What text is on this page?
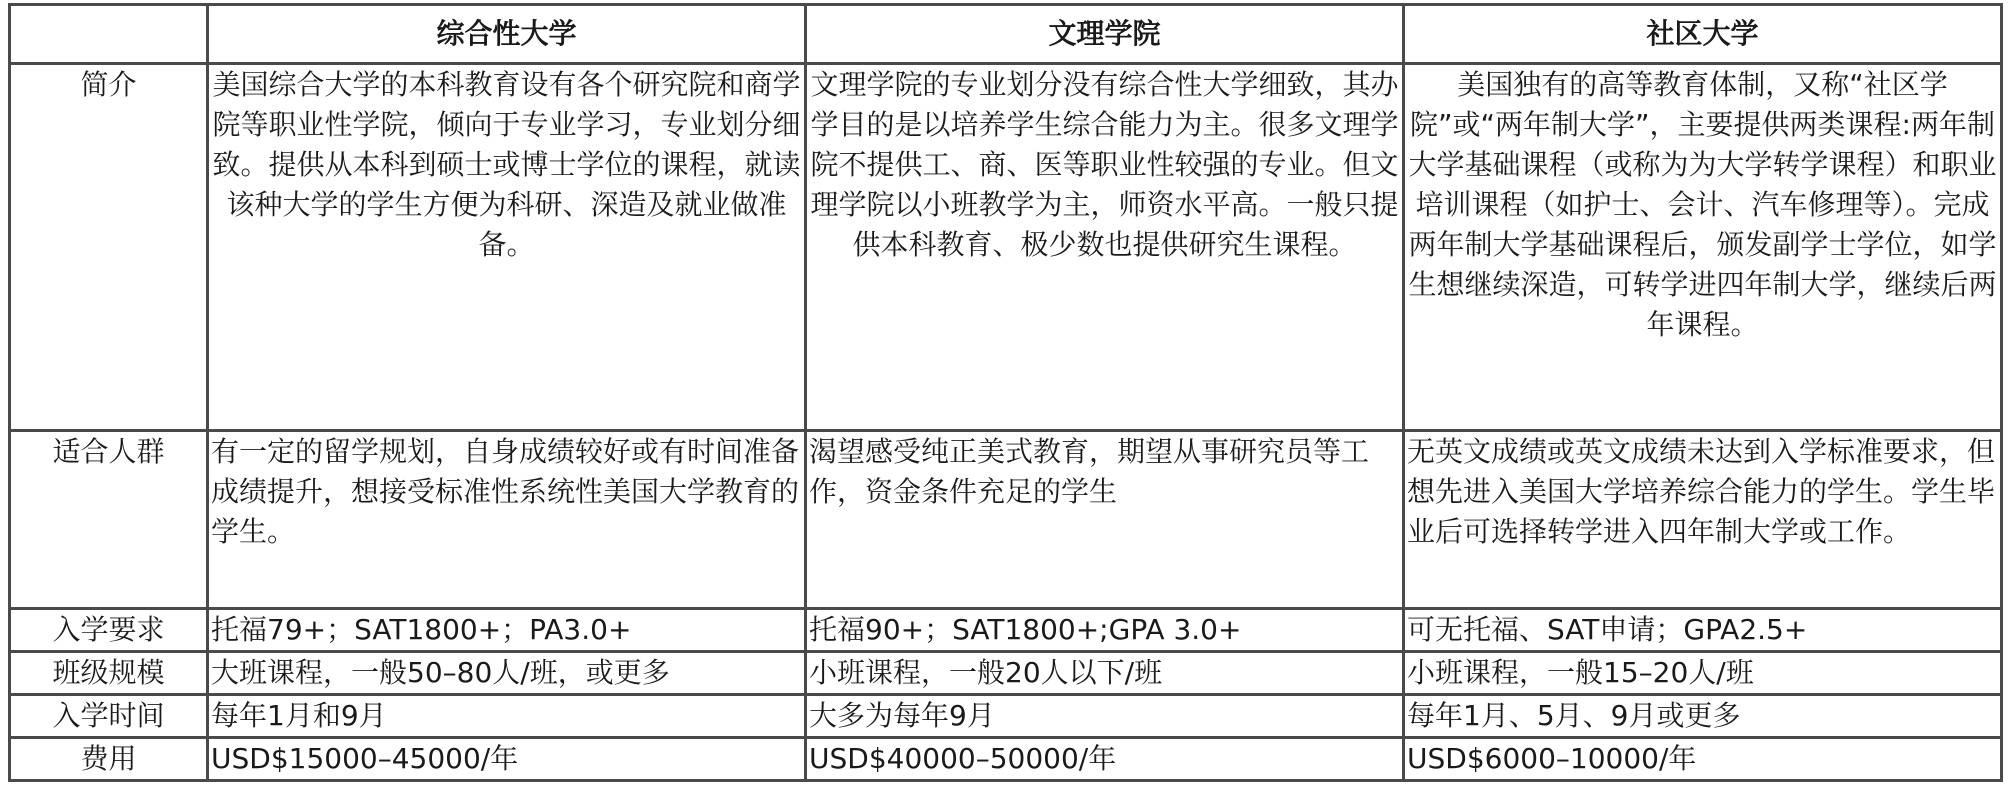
	综合性大学	文理学院	社区大学
简介	美国综合大学的本科教育设有各个研究院和商学院等职业性学院，倾向于专业学习，专业划分细致。提供从本科到硕士或博士学位的课程，就读该种大学的学生方便为科研、深造及就业做准备。	文理学院的专业划分没有综合性大学细致，其办学目的是以培养学生综合能力为主。很多文理学院不提供工、商、医等职业性较强的专业。但文理学院以小班教学为主，师资水平高。一般只提供本科教育、极少数也提供研究生课程。	美国独有的高等教育体制，又称“社区学院”或“两年制大学”，主要提供两类课程:两年制大学基础课程（或称为为大学转学课程）和职业培训课程（如护士、会计、汽车修理等）。完成两年制大学基础课程后，颁发副学士学位，如学生想继续深造，可转学进四年制大学，继续后两年课程。
适合人群	有一定的留学规划，自身成绩较好或有时间准备成绩提升，想接受标准性系统性美国大学教育的学生。	渴望感受纯正美式教育，期望从事研究员等工作，资金条件充足的学生	无英文成绩或英文成绩未达到入学标准要求，但想先进入美国大学培养综合能力的学生。学生毕业后可选择转学进入四年制大学或工作。
入学要求	托福79+；SAT1800+；PA3.0+	托福90+；SAT1800+;GPA 3.0+	可无托福、SAT申请；GPA2.5+
班级规模	大班课程，一般50–80人/班，或更多	小班课程，一般20人以下/班	小班课程，一般15–20人/班
入学时间	每年1月和9月	大多为每年9月	每年1月、5月、9月或更多
费用	USD$15000–45000/年	USD$40000–50000/年	USD$6000–10000/年
